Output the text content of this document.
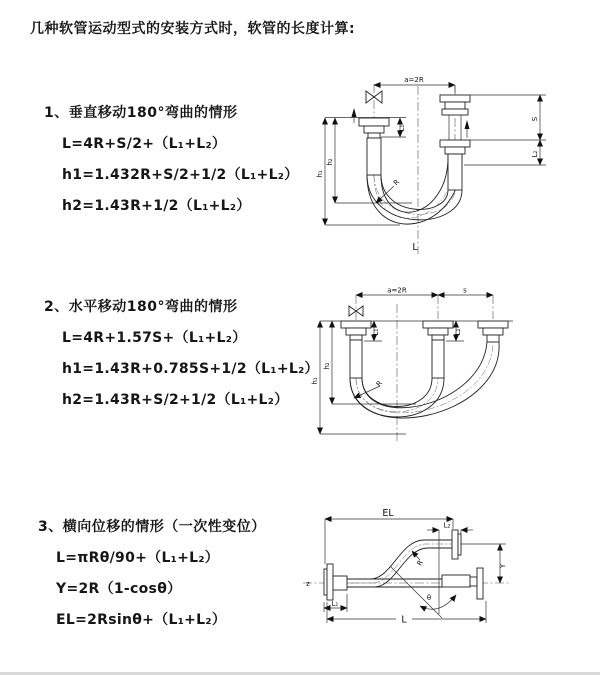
几种软管运动型式的安装方式时，软管的长度计算:
1、垂直移动180°弯曲的情形
L=4R+S/2+（L₁+L₂）
h1=1.432R+S/2+1/2（L₁+L₂）
h2=1.43R+1/2（L₁+L₂）
2、水平移动180°弯曲的情形
L=4R+1.57S+（L₁+L₂）
h1=1.43R+0.785S+1/2（L₁+L₂）
h2=1.43R+S/2+1/2（L₁+L₂）
3、横向位移的情形（一次性变位）
L=πRθ/90+（L₁+L₂）
Y=2R（1-cosθ）
EL=2Rsinθ+（L₁+L₂）
a=2R
S
L₂
L₁
h₂
h₁
R
L
a=2R	s
h₁
h₂
L₁	L₂
R
EL
L₂
Y
L
L₁
R
θ
z
